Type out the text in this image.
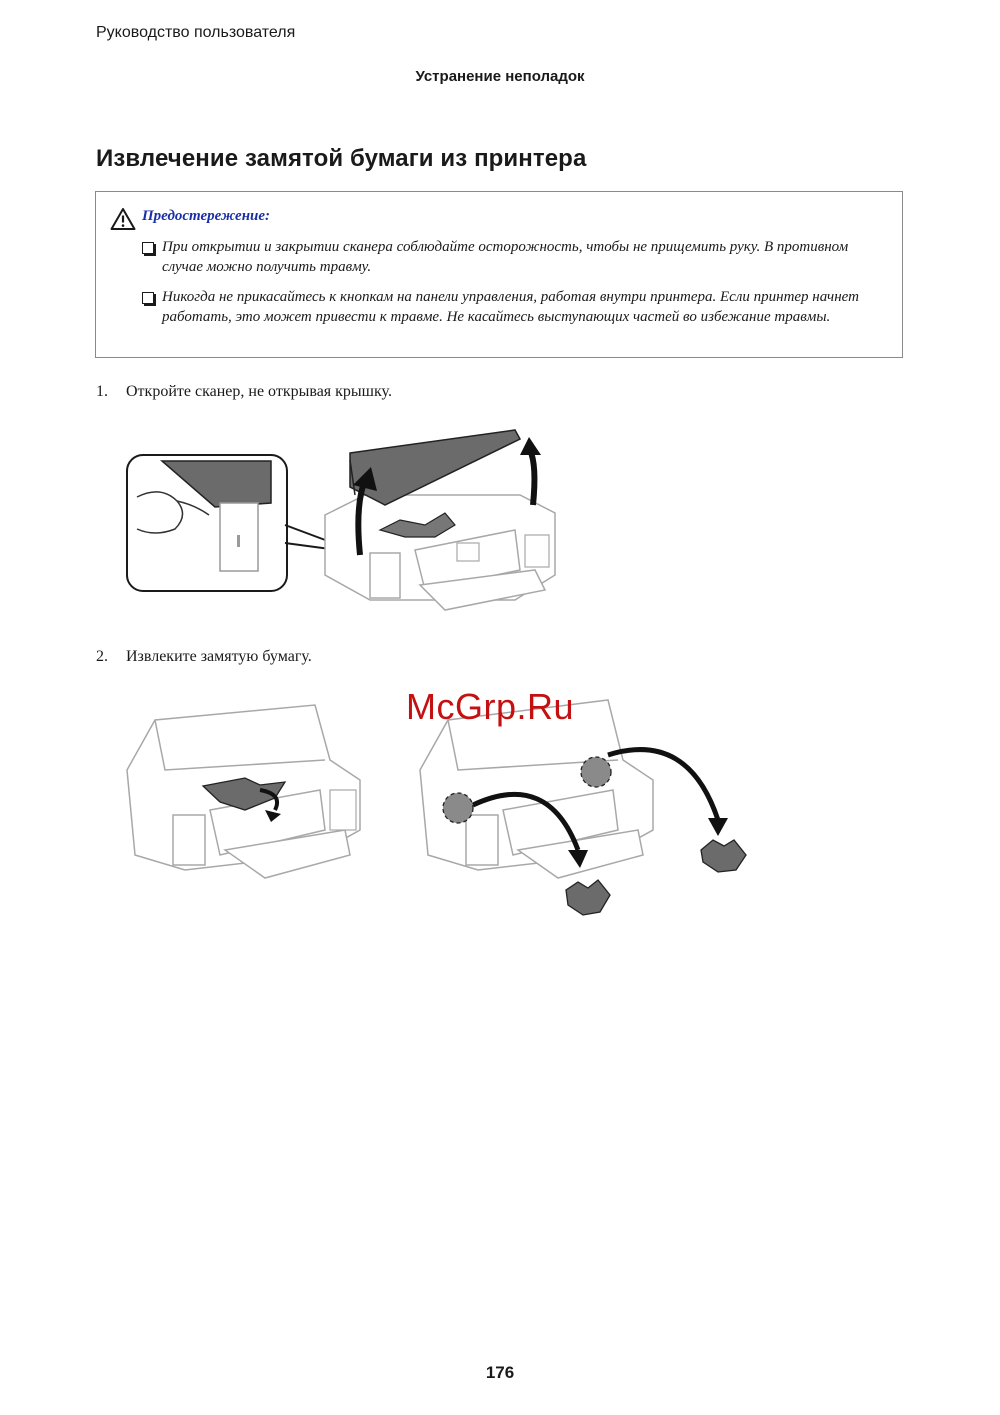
Руководство пользователя
Устранение неполадок
Извлечение замятой бумаги из принтера
Предостережение:
При открытии и закрытии сканера соблюдайте осторожность, чтобы не прищемить руку. В противном случае можно получить травму.
Никогда не прикасайтесь к кнопкам на панели управления, работая внутри принтера. Если принтер начнет работать, это может привести к травме. Не касайтесь выступающих частей во избежание травмы.
1. Откройте сканер, не открывая крышку.
2. Извлеките замятую бумагу.
McGrp.Ru
176
